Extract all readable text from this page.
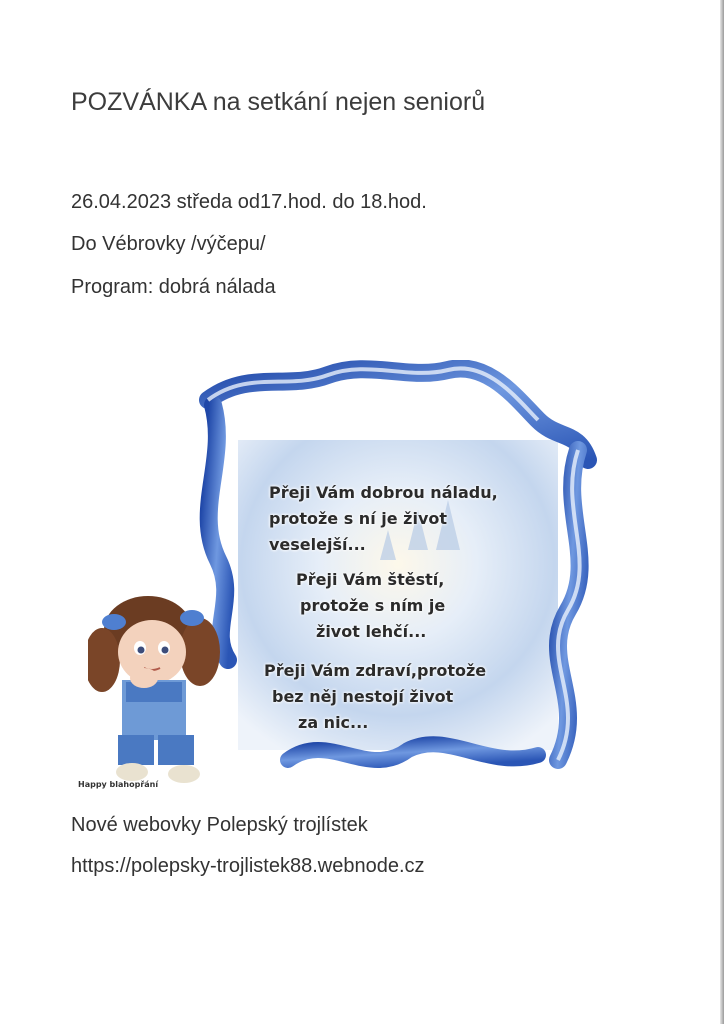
POZVÁNKA na setkání nejen seniorů
26.04.2023 středa od17.hod. do 18.hod.
Do Vébrovky /výčepu/
Program: dobrá nálada
Přeji Vám dobrou náladu,
protože s ní je život
veselejší...
Přeji Vám štěstí,
protože s ním je
život lehčí...
Přeji Vám zdraví,protože
bez něj nestojí život
za nic...
Happy blahopřání
Nové webovky Polepský trojlístek
https://polepsky-trojlistek88.webnode.cz
